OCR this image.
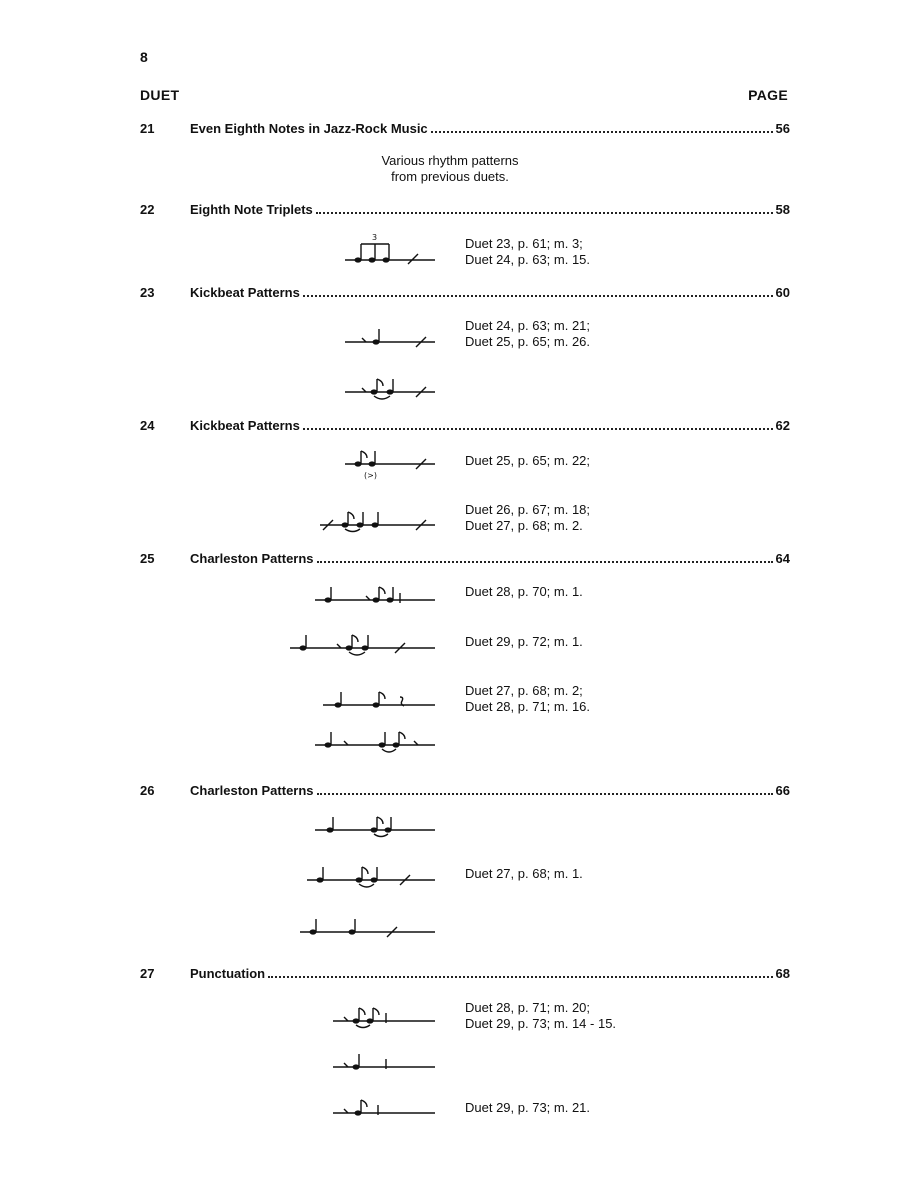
8
DUET	PAGE
21	Even Eighth Notes in Jazz-Rock Music	56
Various rhythm patterns
from previous duets.
22	Eighth Note Triplets	58
3	Duet 23, p. 61; m. 3;
Duet 24, p. 63; m. 15.
23	Kickbeat Patterns	60
Duet 24, p. 63; m. 21;
Duet 25, p. 65; m. 26.
24	Kickbeat Patterns	62
(>)
Duet 25, p. 65; m. 22;
Duet 26, p. 67; m. 18;
Duet 27, p. 68; m. 2.
25	Charleston Patterns	64
Duet 28, p. 70; m. 1.
Duet 29, p. 72; m. 1.
Duet 27, p. 68; m. 2;
Duet 28, p. 71; m. 16.
26	Charleston Patterns	66
Duet 27, p. 68; m. 1.
27	Punctuation	68
Duet 28, p. 71; m. 20;
Duet 29, p. 73; m. 14 - 15.
Duet 29, p. 73; m. 21.
